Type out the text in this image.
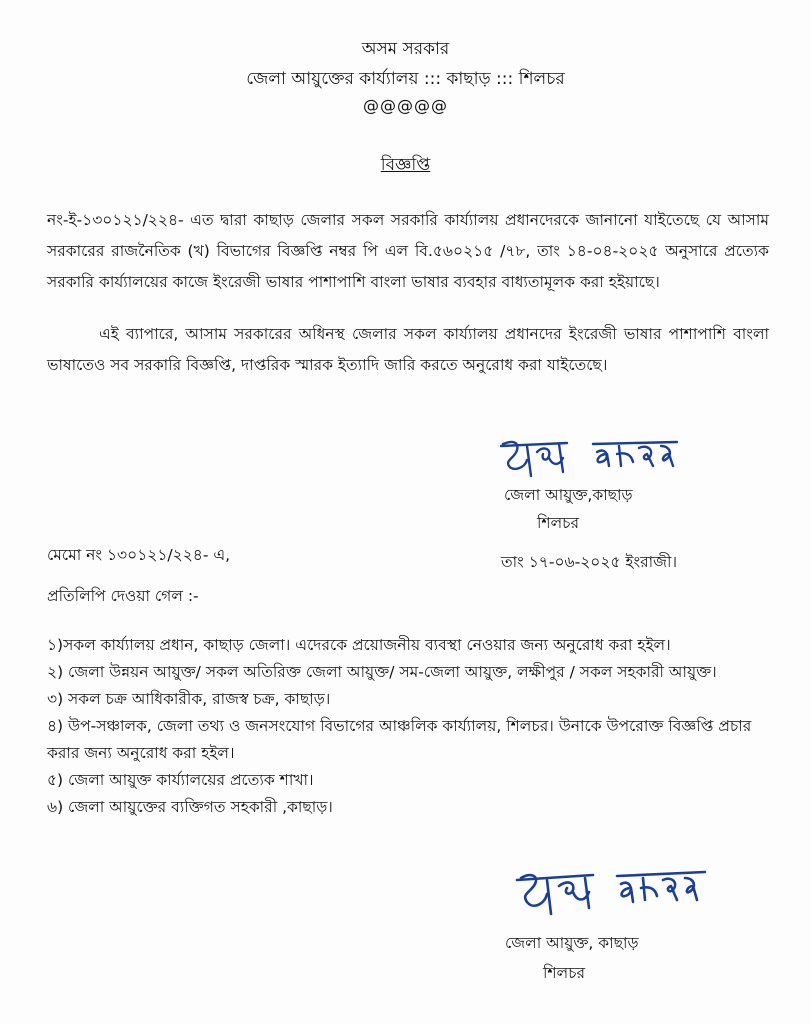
অসম সরকার
জেলা আয়ুক্তের কার্য্যালয় ::: কাছাড় ::: শিলচর
@@@@@
বিজ্ঞপ্তি
নং-ই-১৩০১২১/২২৪- এত দ্বারা কাছাড় জেলার সকল সরকারি কার্য্যালয় প্রধানদেরকে জানানো যাইতেছে যে আসাম সরকারের রাজনৈতিক (খ) বিভাগের বিজ্ঞপ্তি নম্বর পি এল বি.৫৬০২১৫ /৭৮, তাং ১৪-০৪-২০২৫ অনুসারে প্রত্যেক সরকারি কার্য্যালয়ের কাজে ইংরেজী ভাষার পাশাপাশি বাংলা ভাষার ব্যবহার বাধ্যতামূলক করা হইয়াছে।
এই ব্যাপারে, আসাম সরকারের অধিনস্থ জেলার সকল কার্য্যালয় প্রধানদের ইংরেজী ভাষার পাশাপাশি বাংলা ভাষাতেও সব সরকারি বিজ্ঞপ্তি, দাপ্তরিক স্মারক ইত্যাদি জারি করতে অনুরোধ করা যাইতেছে।
জেলা আয়ুক্ত,কাছাড়
শিলচর
মেমো নং ১৩০১২১/২২৪- এ,	তাং ১৭-০৬-২০২৫ ইংরাজী।
প্রতিলিপি দেওয়া গেল :-
১)সকল কার্য্যালয় প্রধান, কাছাড় জেলা। এদেরকে প্রয়োজনীয় ব্যবস্থা নেওয়ার জন্য অনুরোধ করা হইল।
২) জেলা উন্নয়ন আয়ুক্ত/ সকল অতিরিক্ত জেলা আয়ুক্ত/ সম-জেলা আয়ুক্ত, লক্ষীপুর / সকল সহকারী আয়ুক্ত।
৩) সকল চক্র আধিকারীক, রাজস্ব চক্র, কাছাড়।
৪) উপ-সঞ্চালক, জেলা তথ্য ও জনসংযোগ বিভাগের আঞ্চলিক কার্য্যালয়, শিলচর। উনাকে উপরোক্ত বিজ্ঞপ্তি প্রচার করার জন্য অনুরোধ করা হইল।
৫) জেলা আয়ুক্ত কার্য্যালয়ের প্রত্যেক শাখা।
৬) জেলা আয়ুক্তের ব্যক্তিগত সহকারী ,কাছাড়।
জেলা আয়ুক্ত, কাছাড়
শিলচর
